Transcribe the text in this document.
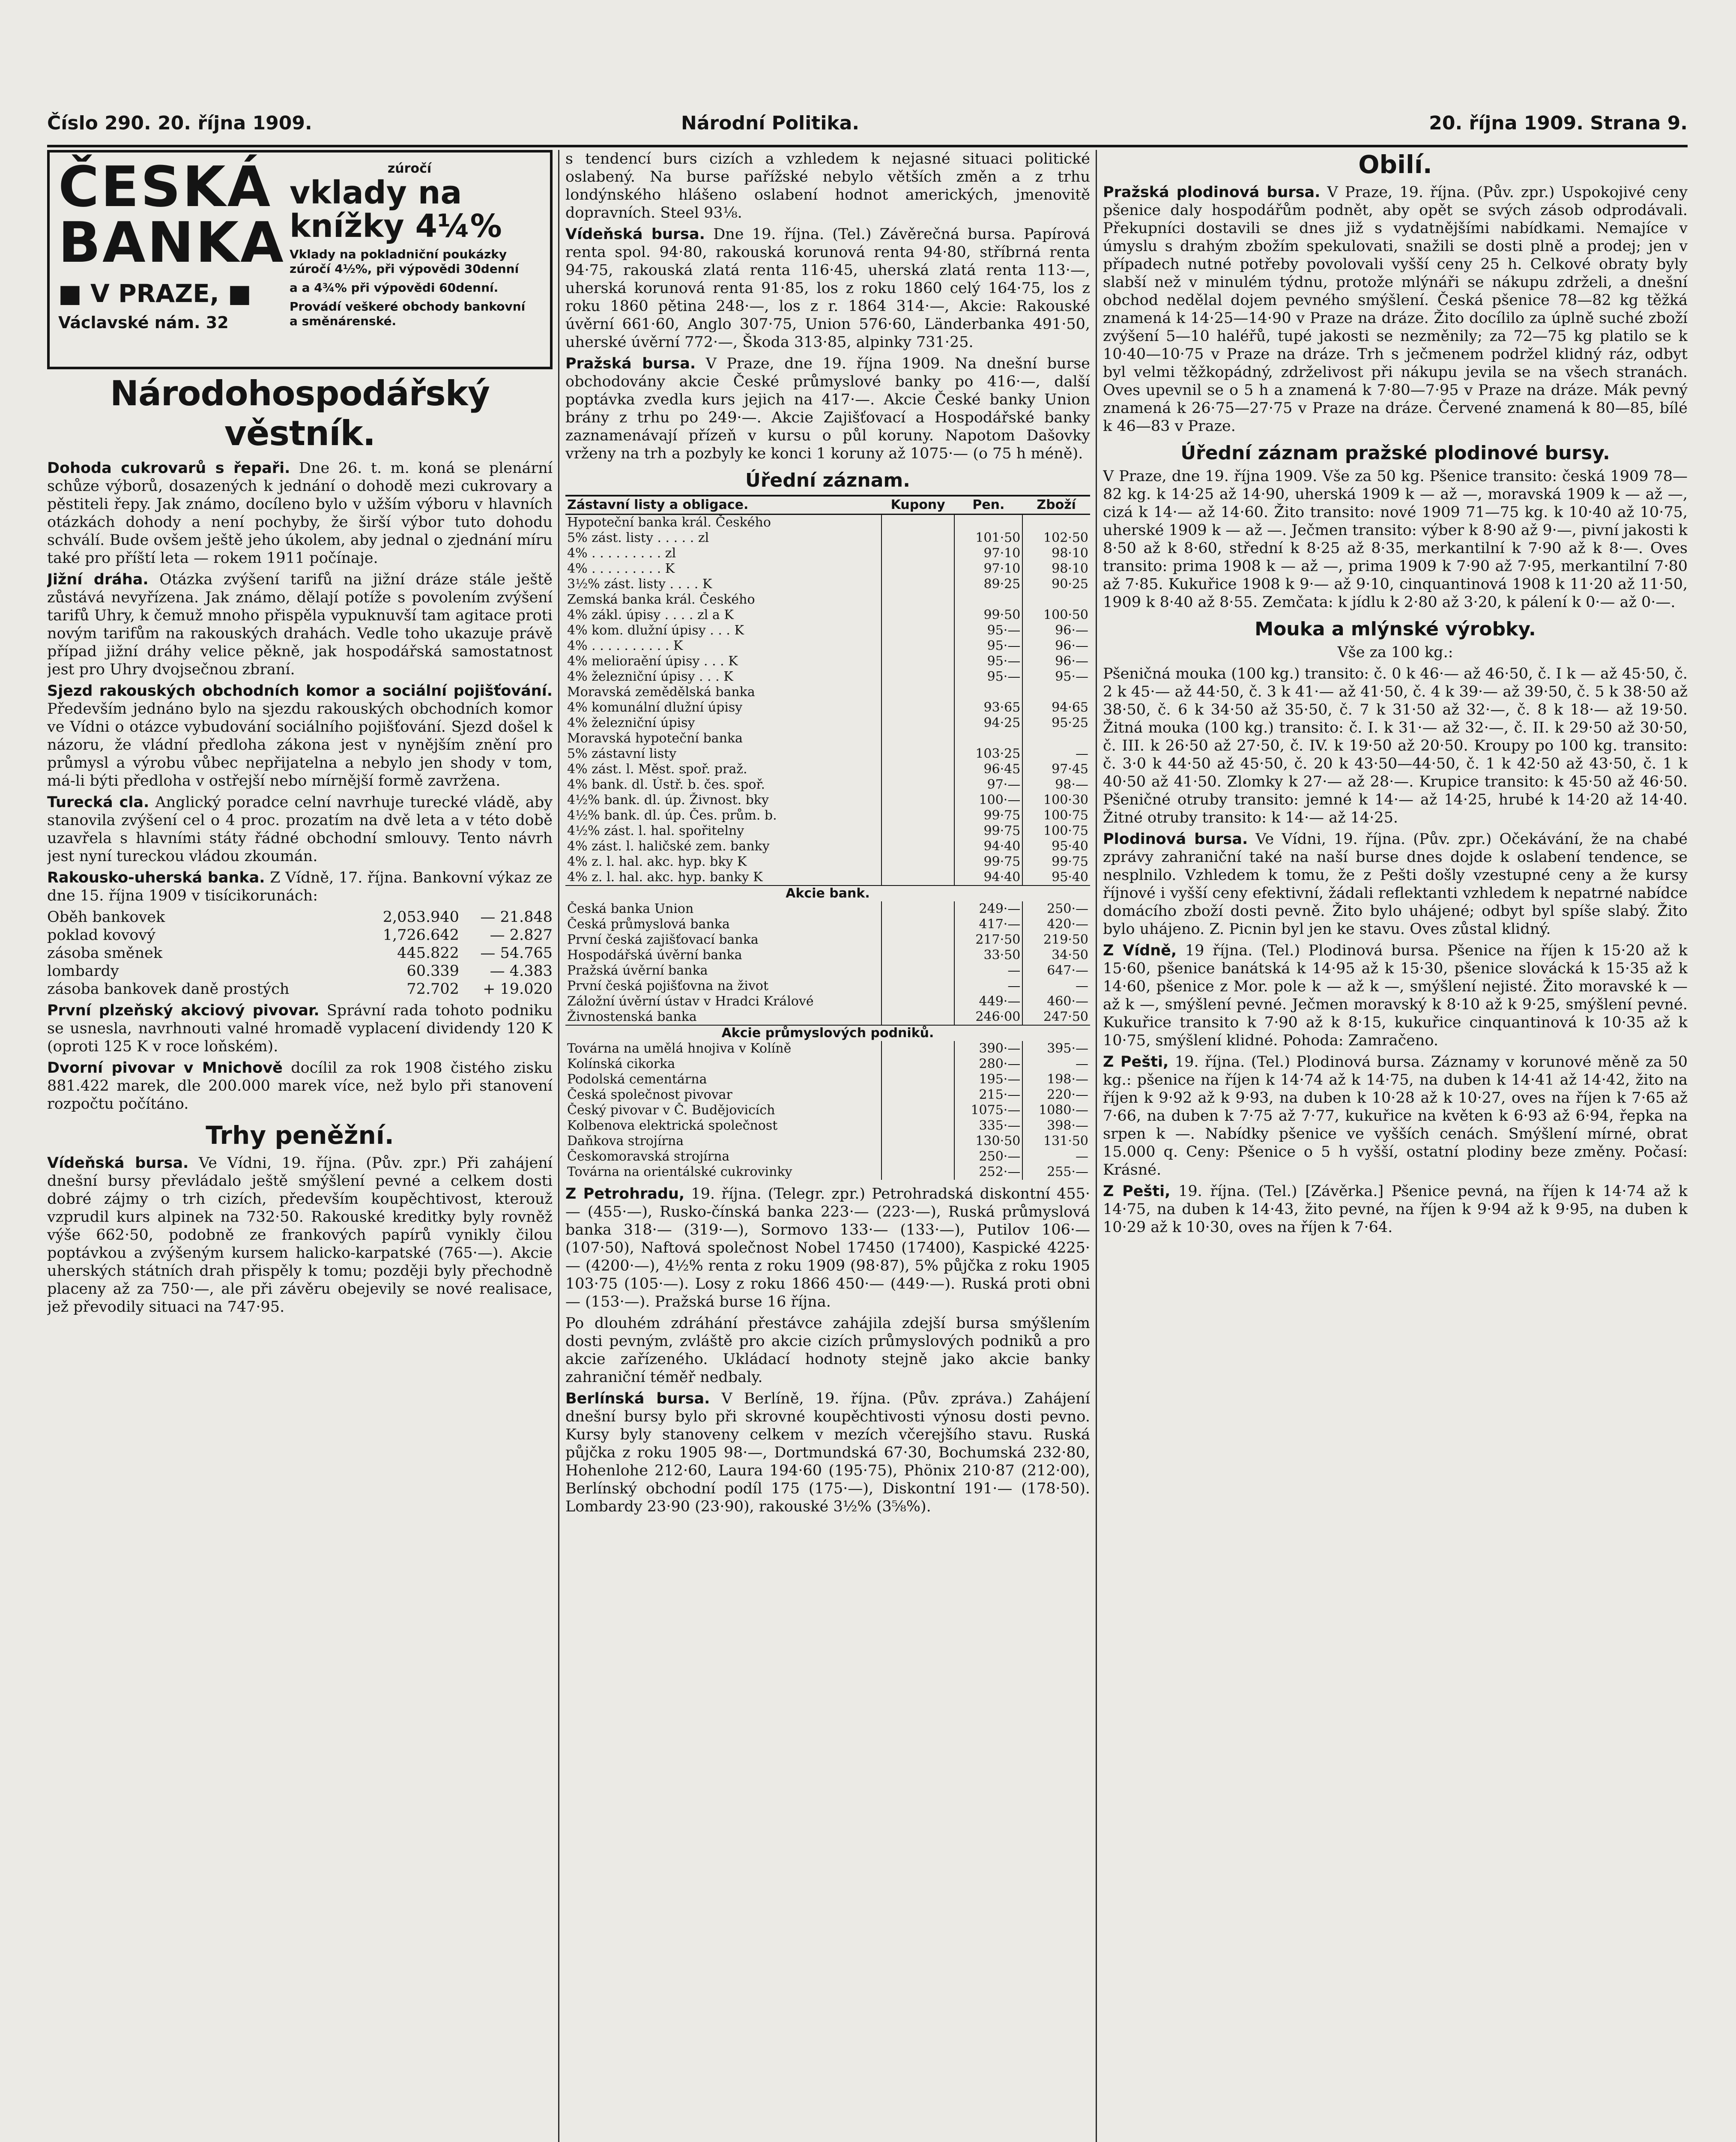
Číslo 290. 20. října 1909.	Národní Politika.	20. října 1909. Strana 9.
ČESKÁ
BANKA
■ V PRAZE, ■
Václavské nám. 32
zúročí
vklady na knížky 4¼%
Vklady na pokladniční poukázky zúročí 4½%, při výpovědi 30denní
a a 4¾% při výpovědi 60denní.
Provádí veškeré obchody bankovní a směnárenské.
Národohospodářský věstník.

Dohoda cukrovarů s řepaři. Dne 26. t. m. koná se plenární schůze výborů, dosazených k jednání o dohodě mezi cukrovary a pěstiteli řepy. Jak známo, docíleno bylo v užším výboru v hlavních otázkách dohody a není pochyby, že širší výbor tuto dohodu schválí. Bude ovšem ještě jeho úkolem, aby jednal o zjednání míru také pro příští leta — rokem 1911 počínaje.

Jižní dráha. Otázka zvýšení tarifů na jižní dráze stále ještě zůstává nevyřízena. Jak známo, dělají potíže s povolením zvýšení tarifů Uhry, k čemuž mnoho přispěla vypuknuvší tam agitace proti novým tarifům na rakouských drahách. Vedle toho ukazuje právě případ jižní dráhy velice pěkně, jak hospodářská samostatnost jest pro Uhry dvojsečnou zbraní.

Sjezd rakouských obchodních komor a sociální pojišťování. Především jednáno bylo na sjezdu rakouských obchodních komor ve Vídni o otázce vybudování sociálního pojišťování. Sjezd došel k názoru, že vládní předloha zákona jest v nynějším znění pro průmysl a výrobu vůbec nepřijatelna a nebylo jen shody v tom, má-li býti předloha v ostřejší nebo mírnější formě zavržena.

Turecká cla. Anglický poradce celní navrhuje turecké vládě, aby stanovila zvýšení cel o 4 proc. prozatím na dvě leta a v této době uzavřela s hlavními státy řádné obchodní smlouvy. Tento návrh jest nyní tureckou vládou zkoumán.

Rakousko-uherská banka. Z Vídně, 17. října. Bankovní výkaz ze dne 15. října 1909 v tisícikorunách:

Oběh bankovek	2,053.940	— 21.848
poklad kovový	1,726.642	— 2.827
zásoba směnek	445.822	— 54.765
lombardy	60.339	— 4.383
zásoba bankovek daně prostých	72.702	+ 19.020

První plzeňský akciový pivovar. Správní rada tohoto podniku se usnesla, navrhnouti valné hromadě vyplacení dividendy 120 K (oproti 125 K v roce loňském).

Dvorní pivovar v Mnichově docílil za rok 1908 čistého zisku 881.422 marek, dle 200.000 marek více, než bylo při stanovení rozpočtu počítáno.

Trhy peněžní.

Vídeňská bursa. Ve Vídni, 19. října. (Pův. zpr.) Při zahájení dnešní bursy převládalo ještě smýšlení pevné a celkem dosti dobré zájmy o trh cizích, především koupěchtivost, kterouž vzprudil kurs alpinek na 732·50. Rakouské kreditky byly rovněž výše 662·50, podobně ze frankových papírů vynikly čilou poptávkou a zvýšeným kursem halicko-karpatské (765·—). Akcie uherských státních drah přispěly k tomu; později byly přechodně placeny až za 750·—, ale při závěru obejevily se nové realisace, jež převodily situaci na 747·95.

s tendencí burs cizích a vzhledem k nejasné situaci politické oslabený. Na burse pařížské nebylo větších změn a z trhu londýnského hlášeno oslabení hodnot amerických, jmenovitě dopravních. Steel 93⅛.

Vídeňská bursa. Dne 19. října. (Tel.) Závěrečná bursa. Papírová renta spol. 94·80, rakouská korunová renta 94·80, stříbrná renta 94·75, rakouská zlatá renta 116·45, uherská zlatá renta 113·—, uherská korunová renta 91·85, los z roku 1860 celý 164·75, los z roku 1860 pětina 248·—, los z r. 1864 314·—, Akcie: Rakouské úvěrní 661·60, Anglo 307·75, Union 576·60, Länderbanka 491·50, uherské úvěrní 772·—, Škoda 313·85, alpinky 731·25.

Pražská bursa. V Praze, dne 19. října 1909. Na dnešní burse obchodovány akcie České průmyslové banky po 416·—, další poptávka zvedla kurs jejich na 417·—. Akcie České banky Union brány z trhu po 249·—. Akcie Zajišťovací a Hospodářské banky zaznamenávají přízeň v kursu o půl koruny. Napotom Dašovky vrženy na trh a pozbyly ke konci 1 koruny až 1075·— (o 75 h méně).

Úřední záznam.
Zástavní listy a obligace.	Kupony	Pen.	Zboží
Hypoteční banka král. Českého			
5% zást. listy . . . . . zl		101·50	102·50
4% . . . . . . . . . zl		97·10	98·10
4% . . . . . . . . . K		97·10	98·10
3½% zást. listy . . . . K		89·25	90·25
Zemská banka král. Českého			
4% zákl. úpisy . . . . zl a K		99·50	100·50
4% kom. dlužní úpisy . . . K		95·—	96·—
4% . . . . . . . . . . K		95·—	96·—
4% melioraění úpisy . . . K		95·—	96·—
4% železniční úpisy . . . K		95·—	95·—
Moravská zemědělská banka			
4% komunální dlužní úpisy		93·65	94·65
4% železniční úpisy		94·25	95·25
Moravská hypoteční banka			
5% zástavní listy		103·25	—
4% zást. l. Měst. spoř. praž.		96·45	97·45
4% bank. dl. Ústř. b. čes. spoř.		97·—	98·—
4½% bank. dl. úp. Živnost. bky		100·—	100·30
4½% bank. dl. úp. Čes. prům. b.		99·75	100·75
4½% zást. l. hal. spořitelny		99·75	100·75
4% zást. l. haličské zem. banky		94·40	95·40
4% z. l. hal. akc. hyp. bky K		99·75	99·75
4% z. l. hal. akc. hyp. banky K		94·40	95·40
Akcie bank.			
Česká banka Union		249·—	250·—
Česká průmyslová banka		417·—	420·—
První česká zajišťovací banka		217·50	219·50
Hospodářská úvěrní banka		33·50	34·50
Pražská úvěrní banka		—	647·—
První česká pojišťovna na život		—	—
Záložní úvěrní ústav v Hradci Králové		449·—	460·—
Živnostenská banka		246·00	247·50
Akcie průmyslových podniků.			
Továrna na umělá hnojiva v Kolíně		390·—	395·—
Kolínská cikorka		280·—	—
Podolská cementárna		195·—	198·—
Česká společnost pivovar		215·—	220·—
Český pivovar v Č. Budějovicích		1075·—	1080·—
Kolbenova elektrická společnost		335·—	398·—
Daňkova strojírna		130·50	131·50
Českomoravská strojírna		250·—	—
Továrna na orientálské cukrovinky		252·—	255·—

Z Petrohradu, 19. října. (Telegr. zpr.) Petrohradská diskontní 455·— (455·—), Rusko-čínská banka 223·— (223·—), Ruská průmyslová banka 318·— (319·—), Sormovo 133·— (133·—), Putilov 106·— (107·50), Naftová společnost Nobel 17450 (17400), Kaspické 4225·— (4200·—), 4½% renta z roku 1909 (98·87), 5% půjčka z roku 1905 103·75 (105·—). Losy z roku 1866 450·— (449·—). Ruská proti obni — (153·—). Pražská burse 16 října.

Po dlouhém zdráhání přestávce zahájila zdejší bursa smýšlením dosti pevným, zvláště pro akcie cizích průmyslových podniků a pro akcie zařízeného. Ukládací hodnoty stejně jako akcie banky zahraniční téměř nedbaly.

Berlínská bursa. V Berlíně, 19. října. (Pův. zpráva.) Zahájení dnešní bursy bylo při skrovné koupěchtivosti výnosu dosti pevno. Kursy byly stanoveny celkem v mezích včerejšího stavu. Ruská půjčka z roku 1905 98·—, Dortmundská 67·30, Bochumská 232·80, Hohenlohe 212·60, Laura 194·60 (195·75), Phönix 210·87 (212·00), Berlínský obchodní podíl 175 (175·—), Diskontní 191·— (178·50). Lombardy 23·90 (23·90), rakouské 3½% (3⅝%).

Obilí.

Pražská plodinová bursa. V Praze, 19. října. (Pův. zpr.) Uspokojivé ceny pšenice daly hospodářům podnět, aby opět se svých zásob odprodávali. Překupníci dostavili se dnes již s vydatnějšími nabídkami. Nemajíce v úmyslu s drahým zbožím spekulovati, snažili se dosti plně a prodej; jen v případech nutné potřeby povolovali vyšší ceny 25 h. Celkové obraty byly slabší než v minulém týdnu, protože mlýnáři se nákupu zdrželi, a dnešní obchod nedělal dojem pevného smýšlení. Česká pšenice 78—82 kg těžká znamená k 14·25—14·90 v Praze na dráze. Žito docílilo za úplně suché zboží zvýšení 5—10 haléřů, tupé jakosti se nezměnily; za 72—75 kg platilo se k 10·40—10·75 v Praze na dráze. Trh s ječmenem podržel klidný ráz, odbyt byl velmi těžkopádný, zdrželivost při nákupu jevila se na všech stranách. Oves upevnil se o 5 h a znamená k 7·80—7·95 v Praze na dráze. Mák pevný znamená k 26·75—27·75 v Praze na dráze. Červené znamená k 80—85, bílé k 46—83 v Praze.

Úřední záznam pražské plodinové bursy.

V Praze, dne 19. října 1909. Vše za 50 kg. Pšenice transito: česká 1909 78—82 kg. k 14·25 až 14·90, uherská 1909 k — až —, moravská 1909 k — až —, cizá k 14·— až 14·60. Žito transito: nové 1909 71—75 kg. k 10·40 až 10·75, uherské 1909 k — až —. Ječmen transito: výber k 8·90 až 9·—, pivní jakosti k 8·50 až k 8·60, střední k 8·25 až 8·35, merkantilní k 7·90 až k 8·—. Oves transito: prima 1908 k — až —, prima 1909 k 7·90 až 7·95, merkantilní 7·80 až 7·85. Kukuřice 1908 k 9·— až 9·10, cinquantinová 1908 k 11·20 až 11·50, 1909 k 8·40 až 8·55. Zemčata: k jídlu k 2·80 až 3·20, k pálení k 0·— až 0·—.

Mouka a mlýnské výrobky.

Vše za 100 kg.:

Pšeničná mouka (100 kg.) transito: č. 0 k 46·— až 46·50, č. I k — až 45·50, č. 2 k 45·— až 44·50, č. 3 k 41·— až 41·50, č. 4 k 39·— až 39·50, č. 5 k 38·50 až 38·50, č. 6 k 34·50 až 35·50, č. 7 k 31·50 až 32·—, č. 8 k 18·— až 19·50. Žitná mouka (100 kg.) transito: č. I. k 31·— až 32·—, č. II. k 29·50 až 30·50, č. III. k 26·50 až 27·50, č. IV. k 19·50 až 20·50. Kroupy po 100 kg. transito: č. 3·0 k 44·50 až 45·50, č. 20 k 43·50—44·50, č. 1 k 42·50 až 43·50, č. 1 k 40·50 až 41·50. Zlomky k 27·— až 28·—. Krupice transito: k 45·50 až 46·50. Pšeničné otruby transito: jemné k 14·— až 14·25, hrubé k 14·20 až 14·40. Žitné otruby transito: k 14·— až 14·25.

Plodinová bursa. Ve Vídni, 19. října. (Pův. zpr.) Očekávání, že na chabé zprávy zahraniční také na naší burse dnes dojde k oslabení tendence, se nesplnilo. Vzhledem k tomu, že z Pešti došly vzestupné ceny a že kursy říjnové i vyšší ceny efektivní, žádali reflektanti vzhledem k nepatrné nabídce domácího zboží dosti pevně. Žito bylo uhájené; odbyt byl spíše slabý. Žito bylo uhájeno. Z. Picnin byl jen ke stavu. Oves zůstal klidný.

Z Vídně, 19 října. (Tel.) Plodinová bursa. Pšenice na říjen k 15·20 až k 15·60, pšenice banátská k 14·95 až k 15·30, pšenice slovácká k 15·35 až k 14·60, pšenice z Mor. pole k — až k —, smýšlení nejisté. Žito moravské k — až k —, smýšlení pevné. Ječmen moravský k 8·10 až k 9·25, smýšlení pevné. Kukuřice transito k 7·90 až k 8·15, kukuřice cinquantinová k 10·35 až k 10·75, smýšlení klidné. Pohoda: Zamračeno.

Z Pešti, 19. října. (Tel.) Plodinová bursa. Záznamy v korunové měně za 50 kg.: pšenice na říjen k 14·74 až k 14·75, na duben k 14·41 až 14·42, žito na říjen k 9·92 až k 9·93, na duben k 10·28 až k 10·27, oves na říjen k 7·65 až 7·66, na duben k 7·75 až 7·77, kukuřice na květen k 6·93 až 6·94, řepka na srpen k —. Nabídky pšenice ve vyšších cenách. Smýšlení mírné, obrat 15.000 q. Ceny: Pšenice o 5 h vyšší, ostatní plodiny beze změny. Počasí: Krásné.

Z Pešti, 19. října. (Tel.) [Závěrka.] Pšenice pevná, na říjen k 14·74 až k 14·75, na duben k 14·43, žito pevné, na říjen k 9·94 až k 9·95, na duben k 10·29 až k 10·30, oves na říjen k 7·64.
